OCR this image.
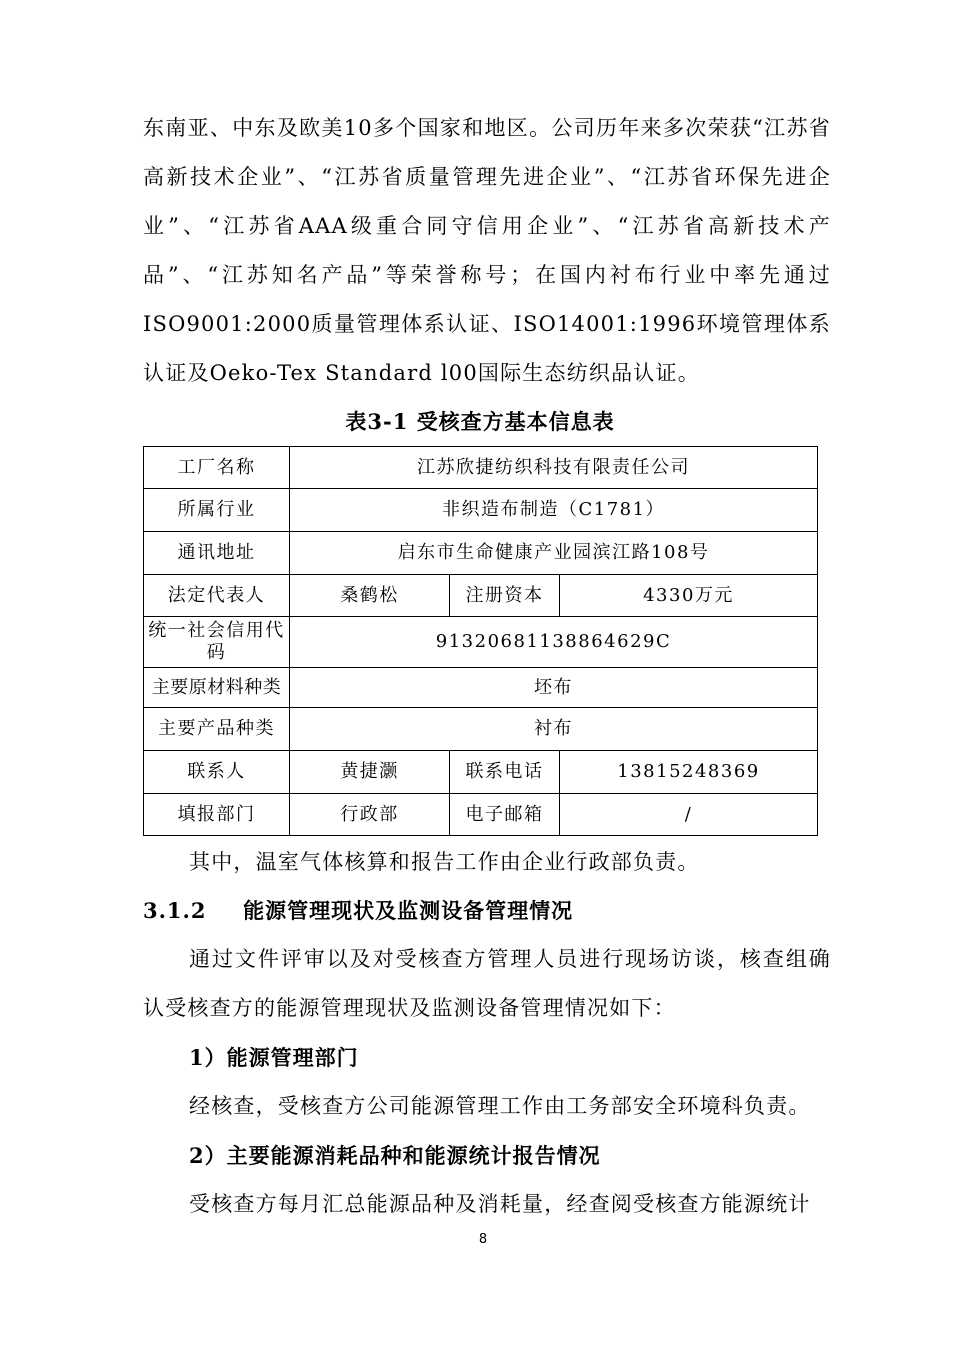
东南亚、中东及欧美10多个国家和地区。公司历年来多次荣获“江苏省高新技术企业”、“江苏省质量管理先进企业”、“江苏省环保先进企业”、“江苏省AAA级重合同守信用企业”、“江苏省高新技术产品”、“江苏知名产品”等荣誉称号；在国内衬布行业中率先通过ISO9001:2000质量管理体系认证、ISO14001:1996环境管理体系认证及Oeko-Tex Standard l00国际生态纺织品认证。

表3-1 受核查方基本信息表

工厂名称	江苏欣捷纺织科技有限责任公司		
所属行业	非织造布制造（C1781）		
通讯地址	启东市生命健康产业园滨江路108号		
法定代表人	桑鹤松	注册资本	4330万元
统一社会信用代码	91320681138864629C		
主要原材料种类	坯布		
主要产品种类	衬布		
联系人	黄捷灏	联系电话	13815248369
填报部门	行政部	电子邮箱	/

其中，温室气体核算和报告工作由企业行政部负责。

3.1.2 能源管理现状及监测设备管理情况

通过文件评审以及对受核查方管理人员进行现场访谈，核查组确认受核查方的能源管理现状及监测设备管理情况如下：

1）能源管理部门

经核查，受核查方公司能源管理工作由工务部安全环境科负责。

2）主要能源消耗品种和能源统计报告情况

受核查方每月汇总能源品种及消耗量，经查阅受核查方能源统计

8
